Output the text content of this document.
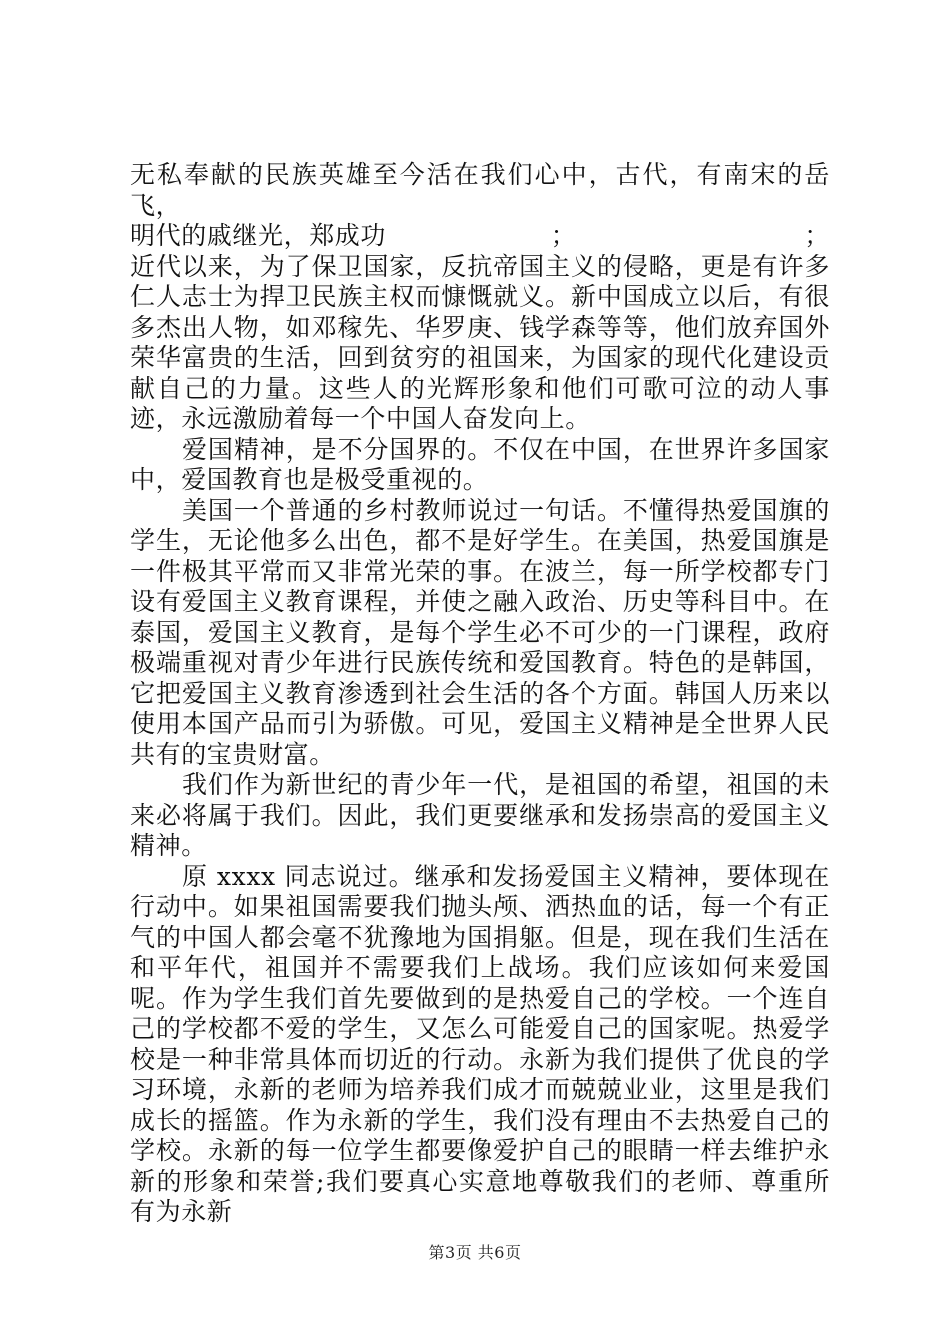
无私奉献的民族英雄至今活在我们心中，古代，有南宋的岳飞，
明代的戚继光，郑成功	；	；
近代以来，为了保卫国家，反抗帝国主义的侵略，更是有许多仁人志士为捍卫民族主权而慷慨就义。新中国成立以后，有很多杰出人物，如邓稼先、华罗庚、钱学森等等，他们放弃国外荣华富贵的生活，回到贫穷的祖国来，为国家的现代化建设贡献自己的力量。这些人的光辉形象和他们可歌可泣的动人事迹，永远激励着每一个中国人奋发向上。

爱国精神，是不分国界的。不仅在中国，在世界许多国家中，爱国教育也是极受重视的。

美国一个普通的乡村教师说过一句话。不懂得热爱国旗的学生，无论他多么出色，都不是好学生。在美国，热爱国旗是一件极其平常而又非常光荣的事。在波兰，每一所学校都专门设有爱国主义教育课程，并使之融入政治、历史等科目中。在泰国，爱国主义教育，是每个学生必不可少的一门课程，政府极端重视对青少年进行民族传统和爱国教育。特色的是韩国，它把爱国主义教育渗透到社会生活的各个方面。韩国人历来以使用本国产品而引为骄傲。可见，爱国主义精神是全世界人民共有的宝贵财富。

我们作为新世纪的青少年一代，是祖国的希望，祖国的未来必将属于我们。因此，我们更要继承和发扬崇高的爱国主义精神。

原 xxxx 同志说过。继承和发扬爱国主义精神，要体现在行动中。如果祖国需要我们抛头颅、洒热血的话，每一个有正气的中国人都会毫不犹豫地为国捐躯。但是，现在我们生活在和平年代，祖国并不需要我们上战场。我们应该如何来爱国呢。作为学生我们首先要做到的是热爱自己的学校。一个连自己的学校都不爱的学生，又怎么可能爱自己的国家呢。热爱学校是一种非常具体而切近的行动。永新为我们提供了优良的学习环境，永新的老师为培养我们成才而兢兢业业，这里是我们成长的摇篮。作为永新的学生，我们没有理由不去热爱自己的学校。永新的每一位学生都要像爱护自己的眼睛一样去维护永新的形象和荣誉;我们要真心实意地尊敬我们的老师、尊重所有为永新

第3页 共6页
